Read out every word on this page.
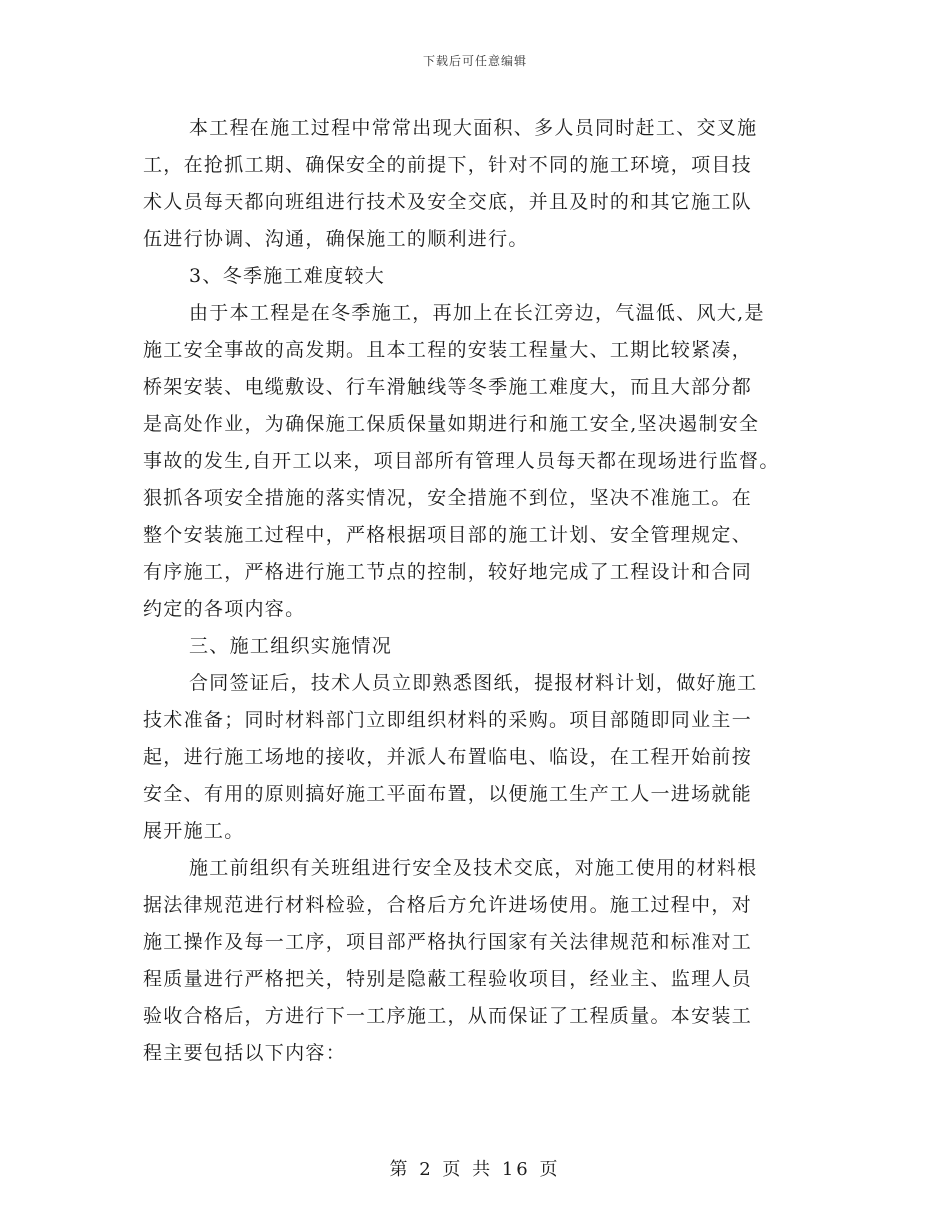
下载后可任意编辑
本工程在施工过程中常常出现大面积、多人员同时赶工、交叉施
工，在抢抓工期、确保安全的前提下，针对不同的施工环境，项目技
术人员每天都向班组进行技术及安全交底，并且及时的和其它施工队
伍进行协调、沟通，确保施工的顺利进行。
3、冬季施工难度较大
由于本工程是在冬季施工，再加上在长江旁边，气温低、风大,是
施工安全事故的高发期。且本工程的安装工程量大、工期比较紧凑，
桥架安装、电缆敷设、行车滑触线等冬季施工难度大，而且大部分都
是高处作业，为确保施工保质保量如期进行和施工安全,坚决遏制安全
事故的发生,自开工以来，项目部所有管理人员每天都在现场进行监督。
狠抓各项安全措施的落实情况，安全措施不到位，坚决不准施工。在
整个安装施工过程中，严格根据项目部的施工计划、安全管理规定、
有序施工，严格进行施工节点的控制，较好地完成了工程设计和合同
约定的各项内容。
三、施工组织实施情况
合同签证后，技术人员立即熟悉图纸，提报材料计划，做好施工
技术准备；同时材料部门立即组织材料的采购。项目部随即同业主一
起，进行施工场地的接收，并派人布置临电、临设，在工程开始前按
安全、有用的原则搞好施工平面布置，以便施工生产工人一进场就能
展开施工。
施工前组织有关班组进行安全及技术交底，对施工使用的材料根
据法律规范进行材料检验，合格后方允许进场使用。施工过程中，对
施工操作及每一工序，项目部严格执行国家有关法律规范和标准对工
程质量进行严格把关，特别是隐蔽工程验收项目，经业主、监理人员
验收合格后，方进行下一工序施工，从而保证了工程质量。本安装工
程主要包括以下内容：
第 2 页 共 16 页
